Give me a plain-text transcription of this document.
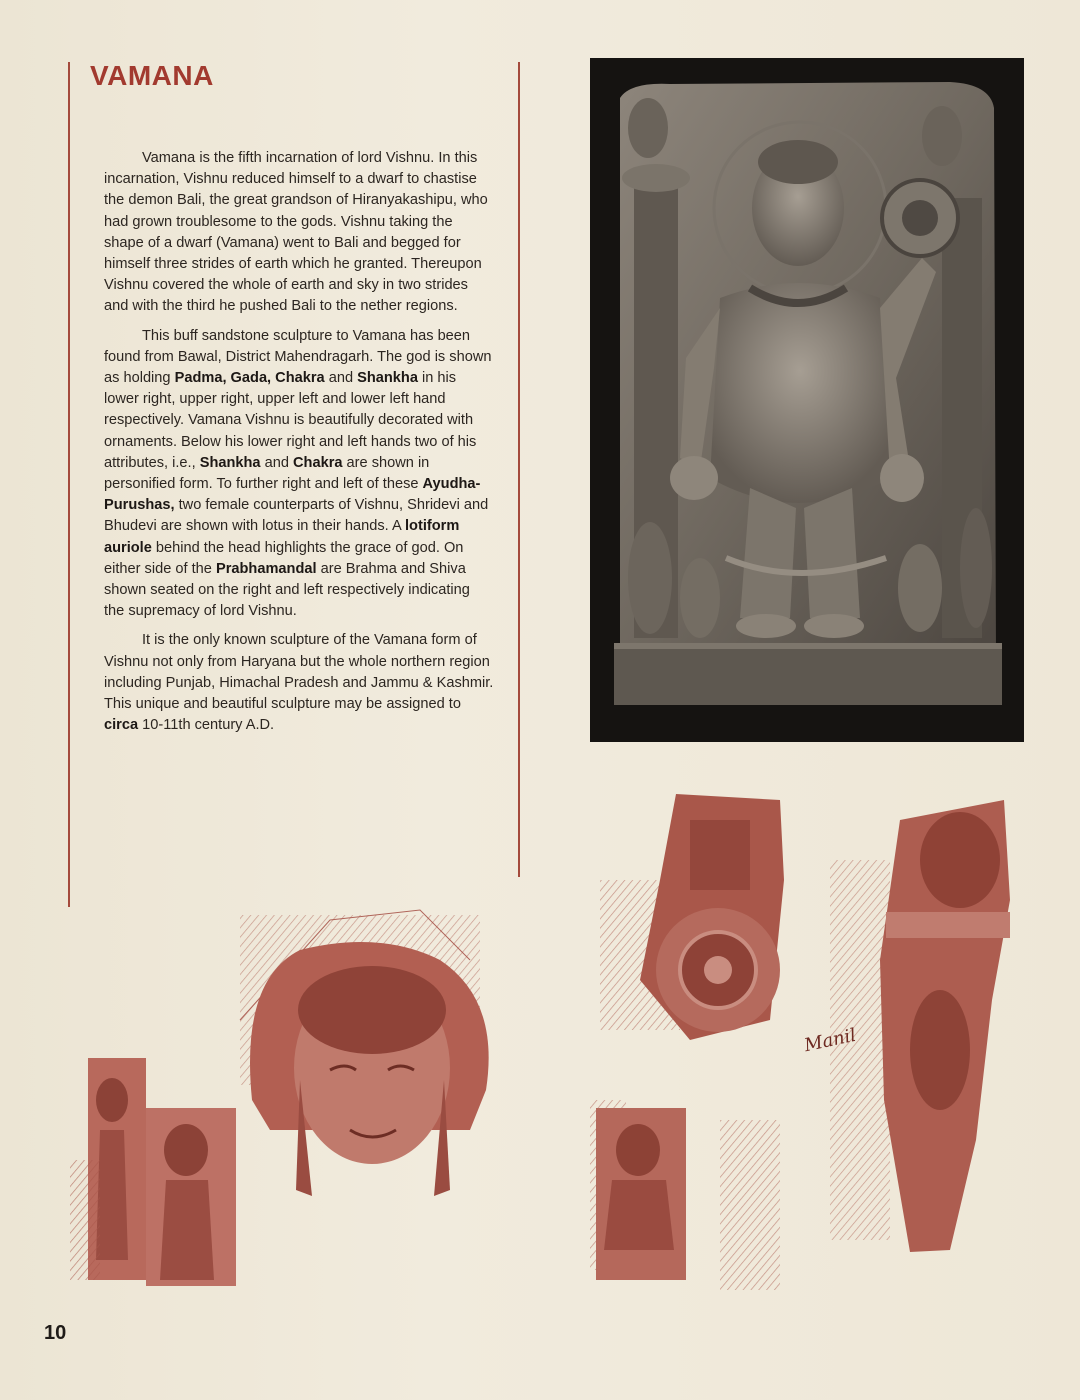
VAMANA

Vamana is the fifth incarnation of lord Vishnu. In this incarnation, Vishnu reduced himself to a dwarf to chastise the demon Bali, the great grandson of Hiranyakashipu, who had grown troublesome to the gods. Vishnu taking the shape of a dwarf (Vamana) went to Bali and begged for himself three strides of earth which he granted. Thereupon Vishnu covered the whole of earth and sky in two strides and with the third he pushed Bali to the nether regions.

This buff sandstone sculpture to Vamana has been found from Bawal, District Mahendragarh. The god is shown as holding Padma, Gada, Chakra and Shankha in his lower right, upper right, upper left and lower left hand respectively. Vamana Vishnu is beautifully decorated with ornaments. Below his lower right and left hands two of his attributes, i.e., Shankha and Chakra are shown in personified form. To further right and left of these Ayudha-Purushas, two female counterparts of Vishnu, Shridevi and Bhudevi are shown with lotus in their hands. A lotiform auriole behind the head highlights the grace of god. On either side of the Prabhamandal are Brahma and Shiva shown seated on the right and left respectively indicating the supremacy of lord Vishnu.

It is the only known sculpture of the Vamana form of Vishnu not only from Haryana but the whole northern region including Punjab, Himachal Pradesh and Jammu & Kashmir. This unique and beautiful sculpture may be assigned to circa 10-11th century A.D.

Manil
10
